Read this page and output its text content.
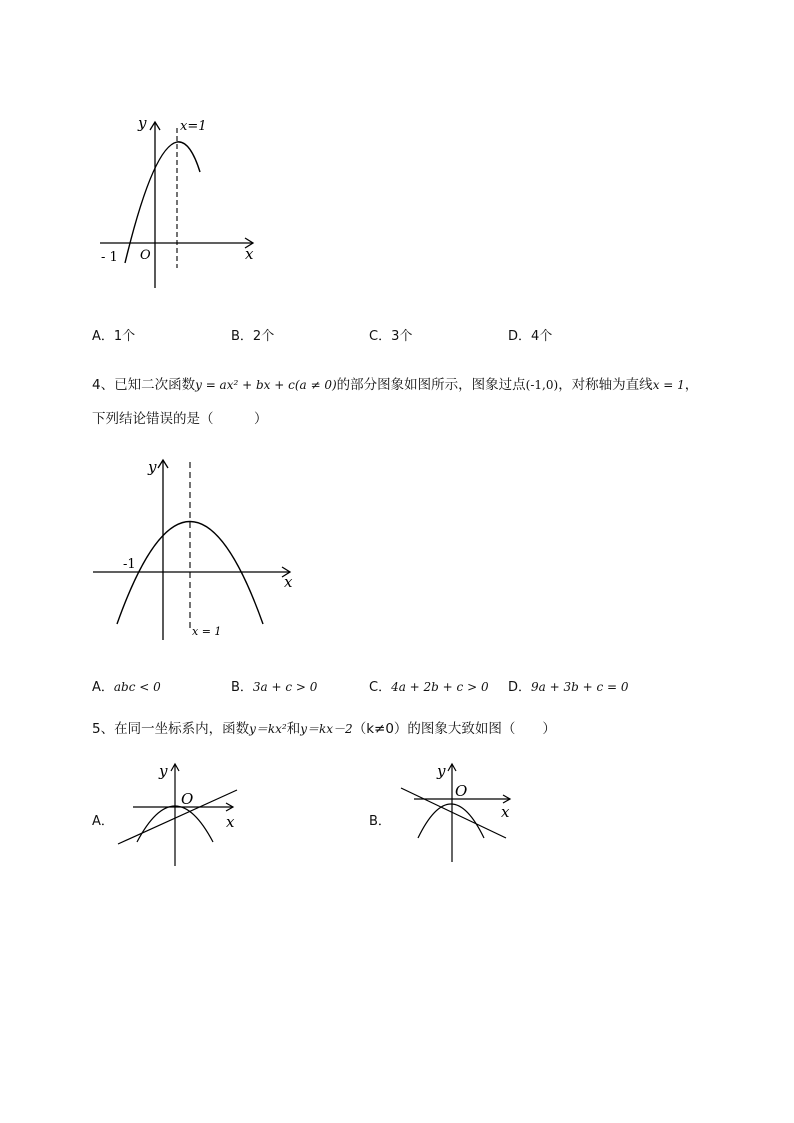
y	x=1
O
- 1	x
A．1个	B．2个	C．3个	D．4个
4、已知二次函数y = ax² + bx + c(a ≠ 0)的部分图象如图所示，图象过点(-1,0)，对称轴为直线x = 1，
下列结论错误的是（　　　）
y
-1
x
x = 1
A．abc < 0	B．3a + c > 0	C．4a + 2b + c > 0 D．9a + 3b + c = 0
5、在同一坐标系内，函数y＝kx²和y＝kx－2（k≠0）的图象大致如图（　　）
A．
y
O
x	B．
y
O
x
